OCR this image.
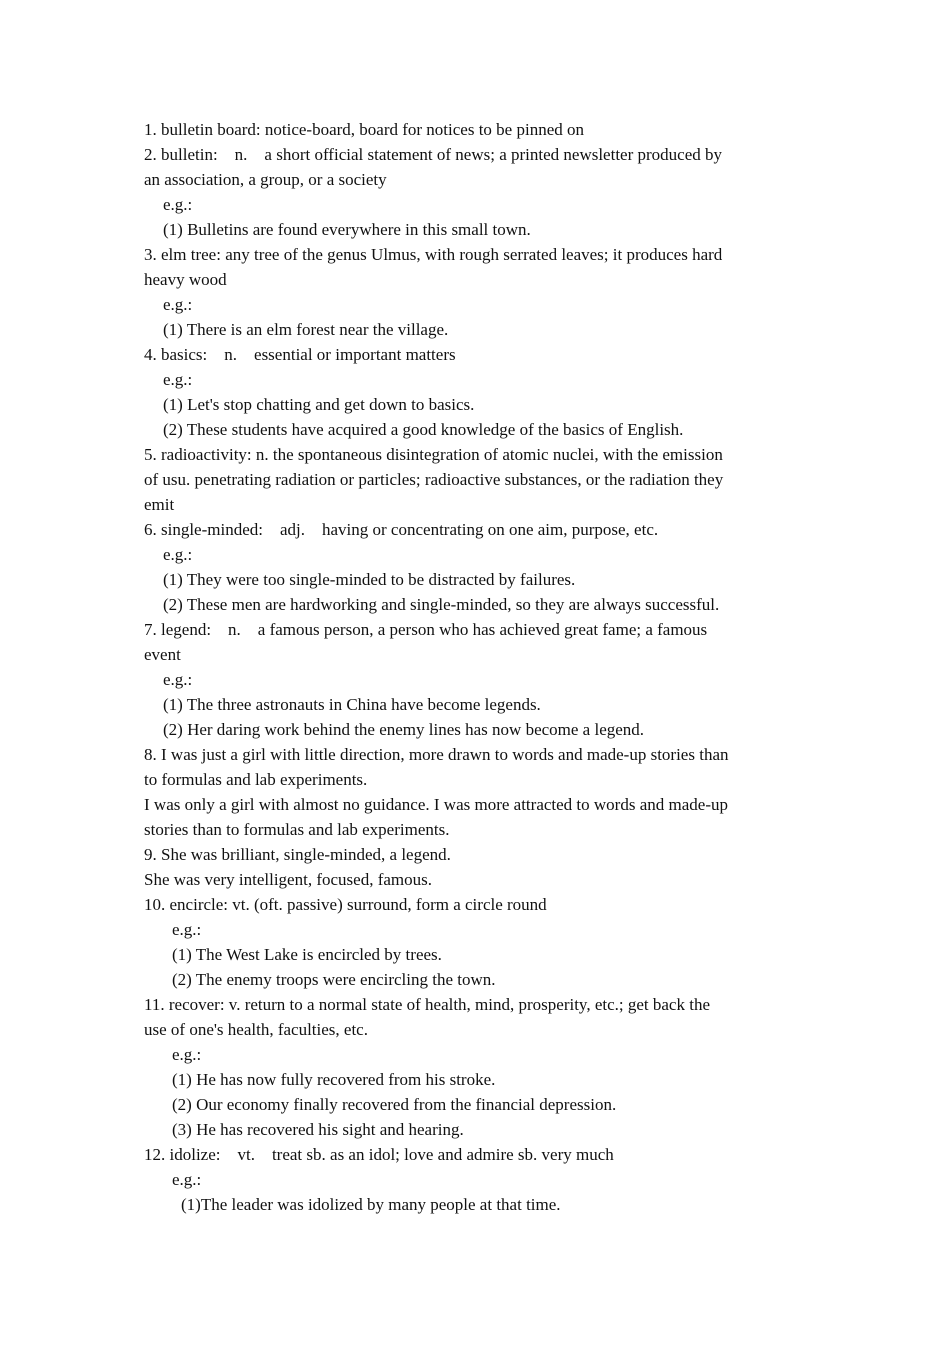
1. bulletin board: notice-board, board for notices to be pinned on
2. bulletin:    n.    a short official statement of news; a printed newsletter produced by
an association, a group, or a society
e.g.:
(1) Bulletins are found everywhere in this small town.
3. elm tree: any tree of the genus Ulmus, with rough serrated leaves; it produces hard
heavy wood
e.g.:
(1) There is an elm forest near the village.
4. basics:    n.    essential or important matters
e.g.:
(1) Let's stop chatting and get down to basics.
(2) These students have acquired a good knowledge of the basics of English.
5. radioactivity: n. the spontaneous disintegration of atomic nuclei, with the emission
of usu. penetrating radiation or particles; radioactive substances, or the radiation they
emit
6. single-minded:    adj.    having or concentrating on one aim, purpose, etc.
e.g.:
(1) They were too single-minded to be distracted by failures.
(2) These men are hardworking and single-minded, so they are always successful.
7. legend:    n.    a famous person, a person who has achieved great fame; a famous
event
e.g.:
(1) The three astronauts in China have become legends.
(2) Her daring work behind the enemy lines has now become a legend.
8. I was just a girl with little direction, more drawn to words and made-up stories than
to formulas and lab experiments.
I was only a girl with almost no guidance. I was more attracted to words and made-up
stories than to formulas and lab experiments.
9. She was brilliant, single-minded, a legend.
She was very intelligent, focused, famous.
10. encircle: vt. (oft. passive) surround, form a circle round
e.g.:
(1) The West Lake is encircled by trees.
(2) The enemy troops were encircling the town.
11. recover: v. return to a normal state of health, mind, prosperity, etc.; get back the
use of one's health, faculties, etc.
e.g.:
(1) He has now fully recovered from his stroke.
(2) Our economy finally recovered from the financial depression.
(3) He has recovered his sight and hearing.
12. idolize:    vt.    treat sb. as an idol; love and admire sb. very much
e.g.:
(1)The leader was idolized by many people at that time.
